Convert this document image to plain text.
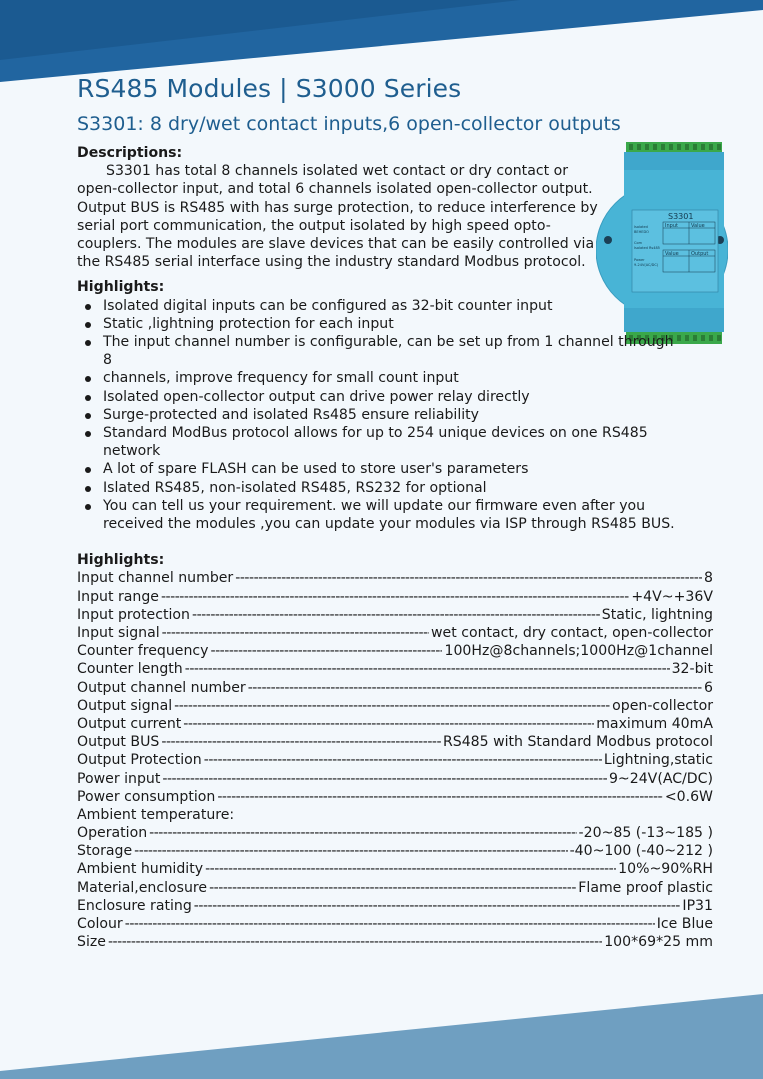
RS485 Modules | S3000 Series
S3301: 8 dry/wet contact inputs,6 open-collector outputs
S3301
Input	Value
Value Output
Isolated
BEHEDO
Com
Isolated Rs485
Power
9-24V(AC/DC)
Descriptions:

S3301 has total 8 channels isolated wet contact or dry contact or open-collector input, and total 6 channels isolated open-collector output.

Output BUS is RS485 with has surge protection, to reduce interference by serial port communication, the output isolated by high speed opto-couplers. The modules are slave devices that can be easily controlled via the RS485 serial interface using the industry standard Modbus protocol.

Highlights:
Isolated digital inputs can be configured as 32-bit counter input
Static ,lightning protection for each input
The input channel number is configurable, can be set up from 1 channel through 8
channels, improve frequency for small count input
Isolated open-collector output can drive power relay directly
Surge-protected and isolated Rs485 ensure reliability
Standard ModBus protocol allows for up to 254 unique devices on one RS485 network
A lot of spare FLASH can be used to store user's parameters
Islated RS485, non-isolated RS485, RS232 for optional
You can tell us your requirement. we will update our firmware even after you received the modules ,you can update your modules via ISP through RS485 BUS.
Highlights:
Input channel number -----	8
Input range -----	+4V~+36V
Input protection -----	Static, lightning
Input signal -----	wet contact, dry contact, open-collector
Counter frequency -----	100Hz@8channels;1000Hz@1channel
Counter length -----	32-bit
Output channel number -----	6
Output signal -----	open-collector
Output current -----	maximum 40mA
Output BUS -----	RS485 with Standard Modbus protocol
Output Protection -----	Lightning,static
Power input -----	9~24V(AC/DC)
Power consumption -----	<0.6W
Ambient temperature:
Operation -----	-20~85 (-13~185 )
Storage -----	-40~100 (-40~212 )
Ambient humidity -----	10%~90%RH
Material,enclosure -----	Flame proof plastic
Enclosure rating -----	IP31
Colour -----	Ice Blue
Size -----	100*69*25 mm
